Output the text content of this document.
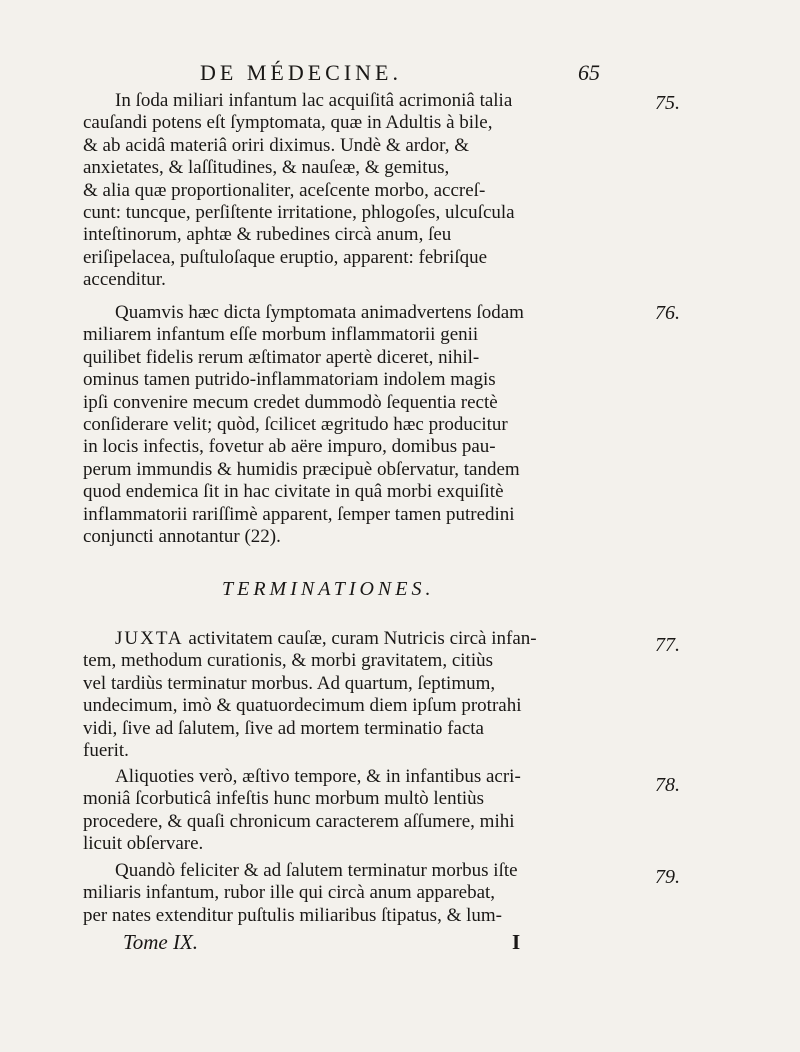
DE MÉDECINE.	65
75.

In ſoda miliari infantum lac acquiſitâ acrimoniâ talia
cauſandi potens eſt ſymptomata, quæ in Adultis à bile,
& ab acidâ materiâ oriri diximus. Undè & ardor, &
anxietates, & laſſitudines, & nauſeæ, & gemitus,
& alia quæ proportionaliter, aceſcente morbo, accreſ-
cunt: tuncque, perſiſtente irritatione, phlogoſes, ulcuſcula
inteſtinorum, aphtæ & rubedines circà anum, ſeu
eriſipelacea, puſtuloſaque eruptio, apparent: febriſque
accenditur.

76.

Quamvis hæc dicta ſymptomata animadvertens ſodam
miliarem infantum eſſe morbum inflammatorii genii
quilibet fidelis rerum æſtimator apertè diceret, nihil-
ominus tamen putrido-inflammatoriam indolem magis
ipſi convenire mecum credet dummodò ſequentia rectè
conſiderare velit; quòd, ſcilicet ægritudo hæc producitur
in locis infectis, fovetur ab aëre impuro, domibus pau-
perum immundis & humidis præcipuè obſervatur, tandem
quod endemica ſit in hac civitate in quâ morbi exquiſitè
inflammatorii rariſſimè apparent, ſemper tamen putredini
conjuncti annotantur (22).

TERMINATIONES.
77.

JUXTA activitatem cauſæ, curam Nutricis circà infan-
tem, methodum curationis, & morbi gravitatem, citiùs
vel tardiùs terminatur morbus. Ad quartum, ſeptimum,
undecimum, imò & quatuordecimum diem ipſum protrahi
vidi, ſive ad ſalutem, ſive ad mortem terminatio facta
fuerit.

78.

Aliquoties verò, æſtivo tempore, & in infantibus acri-
moniâ ſcorbuticâ infeſtis hunc morbum multò lentiùs
procedere, & quaſi chronicum caracterem aſſumere, mihi
licuit obſervare.

79.

Quandò feliciter & ad ſalutem terminatur morbus iſte
miliaris infantum, rubor ille qui circà anum apparebat,
per nates extenditur puſtulis miliaribus ſtipatus, & lum-

Tome IX.	I
